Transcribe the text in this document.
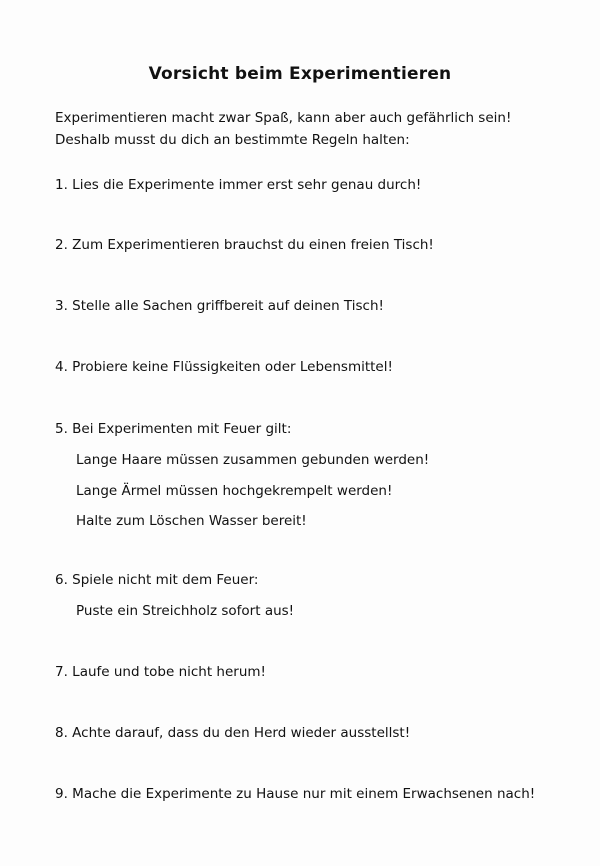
Vorsicht beim Experimentieren
Experimentieren macht zwar Spaß, kann aber auch gefährlich sein!
Deshalb musst du dich an bestimmte Regeln halten:
1. Lies die Experimente immer erst sehr genau durch!
2. Zum Experimentieren brauchst du einen freien Tisch!
3. Stelle alle Sachen griffbereit auf deinen Tisch!
4. Probiere keine Flüssigkeiten oder Lebensmittel!
5. Bei Experimenten mit Feuer gilt:
Lange Haare müssen zusammen gebunden werden!
Lange Ärmel müssen hochgekrempelt werden!
Halte zum Löschen Wasser bereit!
6. Spiele nicht mit dem Feuer:
Puste ein Streichholz sofort aus!
7. Laufe und tobe nicht herum!
8. Achte darauf, dass du den Herd wieder ausstellst!
9. Mache die Experimente zu Hause nur mit einem Erwachsenen nach!
